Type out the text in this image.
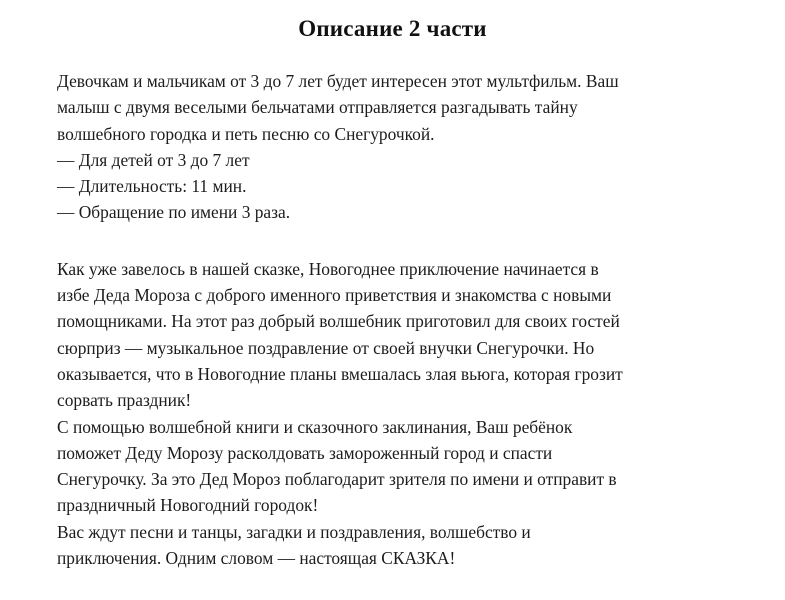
Описание 2 части

Девочкам и мальчикам от 3 до 7 лет будет интересен этот мультфильм. Ваш
малыш с двумя веселыми бельчатами отправляется разгадывать тайну
волшебного городка и петь песню со Снегурочкой.

— Для детей от 3 до 7 лет
— Длительность: 11 мин.
— Обращение по имени 3 раза.

Как уже завелось в нашей сказке, Новогоднее приключение начинается в
избе Деда Мороза с доброго именного приветствия и знакомства с новыми
помощниками. На этот раз добрый волшебник приготовил для своих гостей
сюрприз — музыкальное поздравление от своей внучки Снегурочки. Но
оказывается, что в Новогодние планы вмешалась злая вьюга, которая грозит
сорвать праздник!
С помощью волшебной книги и сказочного заклинания, Ваш ребёнок
поможет Деду Морозу расколдовать замороженный город и спасти
Снегурочку. За это Дед Мороз поблагодарит зрителя по имени и отправит в
праздничный Новогодний городок!
Вас ждут песни и танцы, загадки и поздравления, волшебство и
приключения. Одним словом — настоящая СКАЗКА!
